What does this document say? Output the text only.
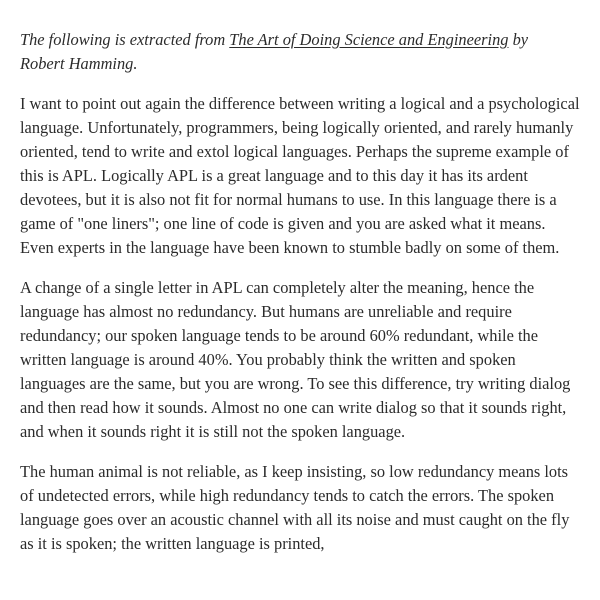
The following is extracted from The Art of Doing Science and Engineering by Robert Hamming.

I want to point out again the difference between writing a logical and a psychological language. Unfortunately, programmers, being logically oriented, and rarely humanly oriented, tend to write and extol logical languages. Perhaps the supreme example of this is APL. Logically APL is a great language and to this day it has its ardent devotees, but it is also not fit for normal humans to use. In this language there is a game of "one liners"; one line of code is given and you are asked what it means. Even experts in the language have been known to stumble badly on some of them.

A change of a single letter in APL can completely alter the meaning, hence the language has almost no redundancy. But humans are unreliable and require redundancy; our spoken language tends to be around 60% redundant, while the written language is around 40%. You probably think the written and spoken languages are the same, but you are wrong. To see this difference, try writing dialog and then read how it sounds. Almost no one can write dialog so that it sounds right, and when it sounds right it is still not the spoken language.

The human animal is not reliable, as I keep insisting, so low redundancy means lots of undetected errors, while high redundancy tends to catch the errors. The spoken language goes over an acoustic channel with all its noise and must caught on the fly as it is spoken; the written language is printed,
